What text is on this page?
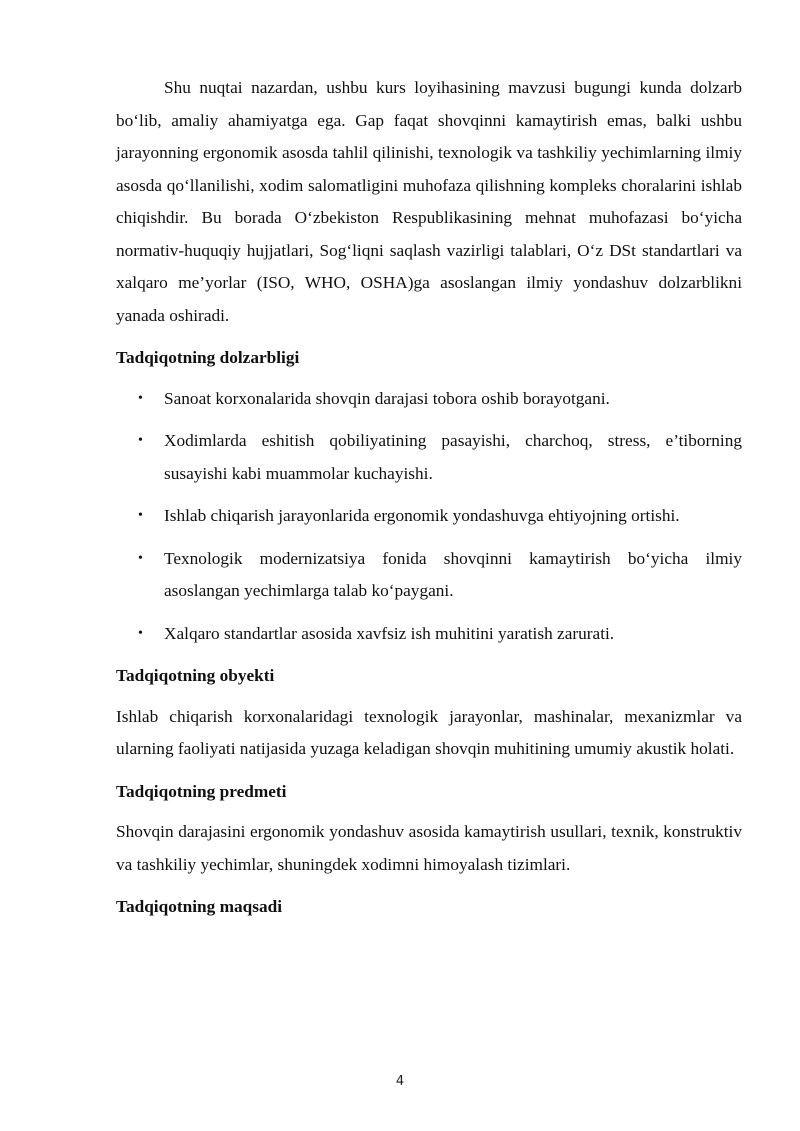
Shu nuqtai nazardan, ushbu kurs loyihasining mavzusi bugungi kunda dolzarb bo‘lib, amaliy ahamiyatga ega. Gap faqat shovqinni kamaytirish emas, balki ushbu jarayonning ergonomik asosda tahlil qilinishi, texnologik va tashkiliy yechimlarning ilmiy asosda qo‘llanilishi, xodim salomatligini muhofaza qilishning kompleks choralarini ishlab chiqishdir. Bu borada O‘zbekiston Respublikasining mehnat muhofazasi bo‘yicha normativ-huquqiy hujjatlari, Sog‘liqni saqlash vazirligi talablari, O‘z DSt standartlari va xalqaro me’yorlar (ISO, WHO, OSHA)ga asoslangan ilmiy yondashuv dolzarblikni yanada oshiradi.

Tadqiqotning dolzarbligi

• Sanoat korxonalarida shovqin darajasi tobora oshib borayotgani.
• Xodimlarda eshitish qobiliyatining pasayishi, charchoq, stress, e’tiborning susayishi kabi muammolar kuchayishi.
• Ishlab chiqarish jarayonlarida ergonomik yondashuvga ehtiyojning ortishi.
• Texnologik modernizatsiya fonida shovqinni kamaytirish bo‘yicha ilmiy asoslangan yechimlarga talab ko‘paygani.
• Xalqaro standartlar asosida xavfsiz ish muhitini yaratish zarurati.

Tadqiqotning obyekti

Ishlab chiqarish korxonalaridagi texnologik jarayonlar, mashinalar, mexanizmlar va ularning faoliyati natijasida yuzaga keladigan shovqin muhitining umumiy akustik holati.

Tadqiqotning predmeti

Shovqin darajasini ergonomik yondashuv asosida kamaytirish usullari, texnik, konstruktiv va tashkiliy yechimlar, shuningdek xodimni himoyalash tizimlari.

Tadqiqotning maqsadi

4
